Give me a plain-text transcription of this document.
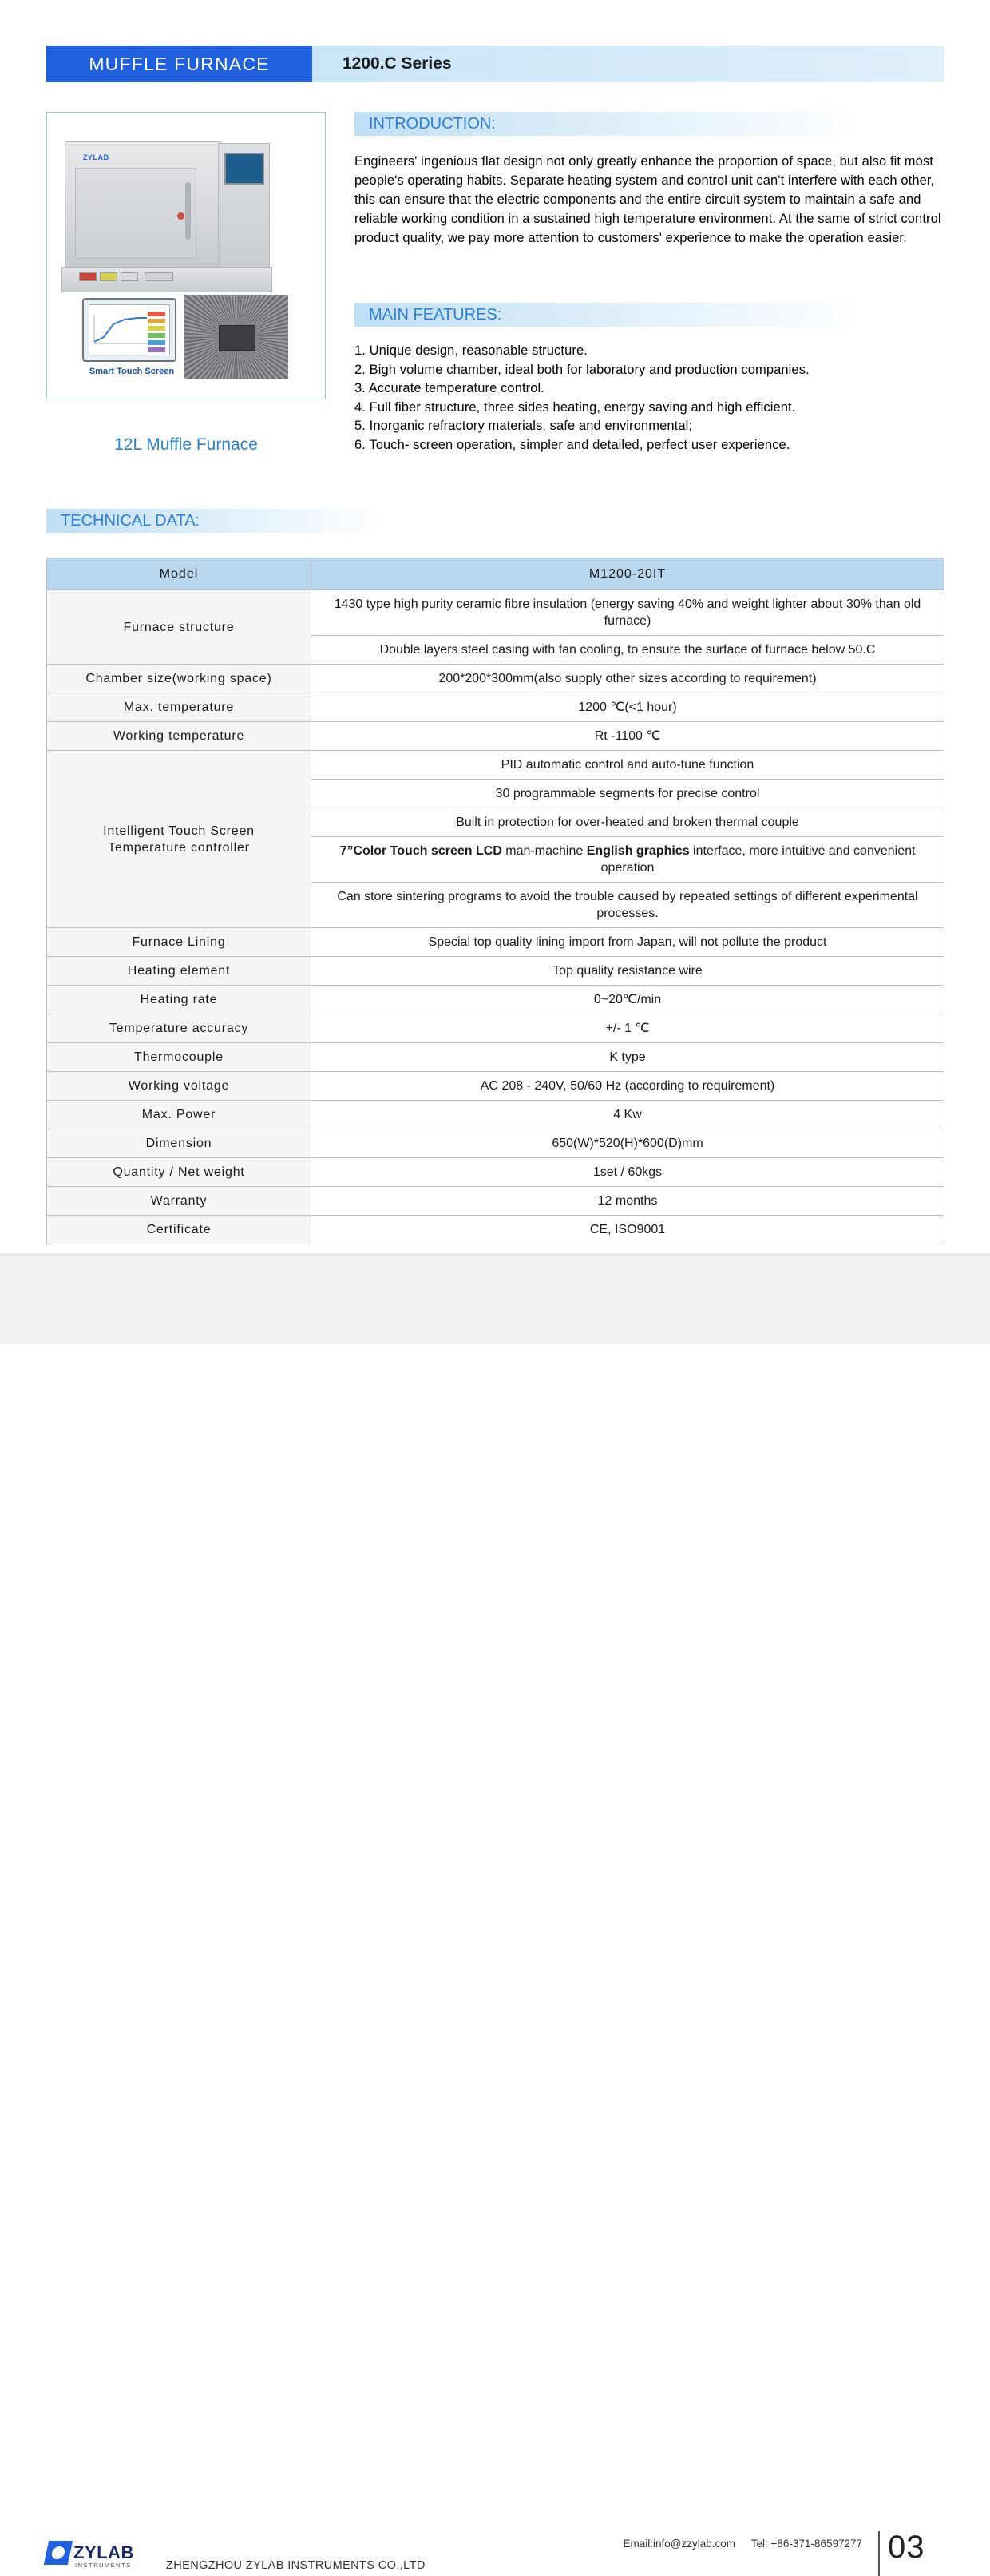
MUFFLE FURNACE	1200.C Series
ZYLAB
Smart Touch Screen
12L Muffle Furnace
INTRODUCTION:
Engineers' ingenious flat design not only greatly enhance the proportion of space, but also fit most people's operating habits. Separate heating system and control unit can't interfere with each other, this can ensure that the electric components and the entire circuit system to maintain a safe and reliable working condition in a sustained high temperature environment. At the same of strict control product quality, we pay more attention to customers' experience to make the operation easier.
MAIN FEATURES:
1. Unique design, reasonable structure.
2. Bigh volume chamber, ideal both for laboratory and production companies.
3. Accurate temperature control.
4. Full fiber structure, three sides heating, energy saving and high efficient.
5. Inorganic refractory materials, safe and environmental;
6. Touch- screen operation, simpler and detailed, perfect user experience.
TECHNICAL DATA:
Model	M1200-20IT
Furnace structure	1430 type high purity ceramic fibre insulation (energy saving 40% and weight lighter about 30% than old furnace)
	Double layers steel casing with fan cooling, to ensure the surface of furnace below 50.C
Chamber size(working space)	200*200*300mm(also supply other sizes according to requirement)
Max. temperature	1200 ℃(<1 hour)
Working temperature	Rt -1100 ℃

Intelligent Touch Screen
Temperature controller	PID automatic control and auto-tune function
	30 programmable segments for precise control
	Built in protection for over-heated and broken thermal couple
	7”Color Touch screen LCD man-machine English graphics interface, more intuitive and convenient operation
	Can store sintering programs to avoid the trouble caused by repeated settings of different experimental processes.
Furnace Lining	Special top quality lining import from Japan, will not pollute the product
Heating element	Top quality resistance wire
Heating rate	0~20℃/min
Temperature accuracy	+/- 1 ℃
Thermocouple	K type
Working voltage	AC 208 - 240V, 50/60 Hz (according to requirement)
Max. Power	4 Kw
Dimension	650(W)*520(H)*600(D)mm
Quantity / Net weight	1set / 60kgs
Warranty	12 months
Certificate	CE, ISO9001
ZYLAB
INSTRUMENTS	ZHENGZHOU ZYLAB INSTRUMENTS CO.,LTD
Email:info@zzylab.com Tel: +86-371-86597277 03
